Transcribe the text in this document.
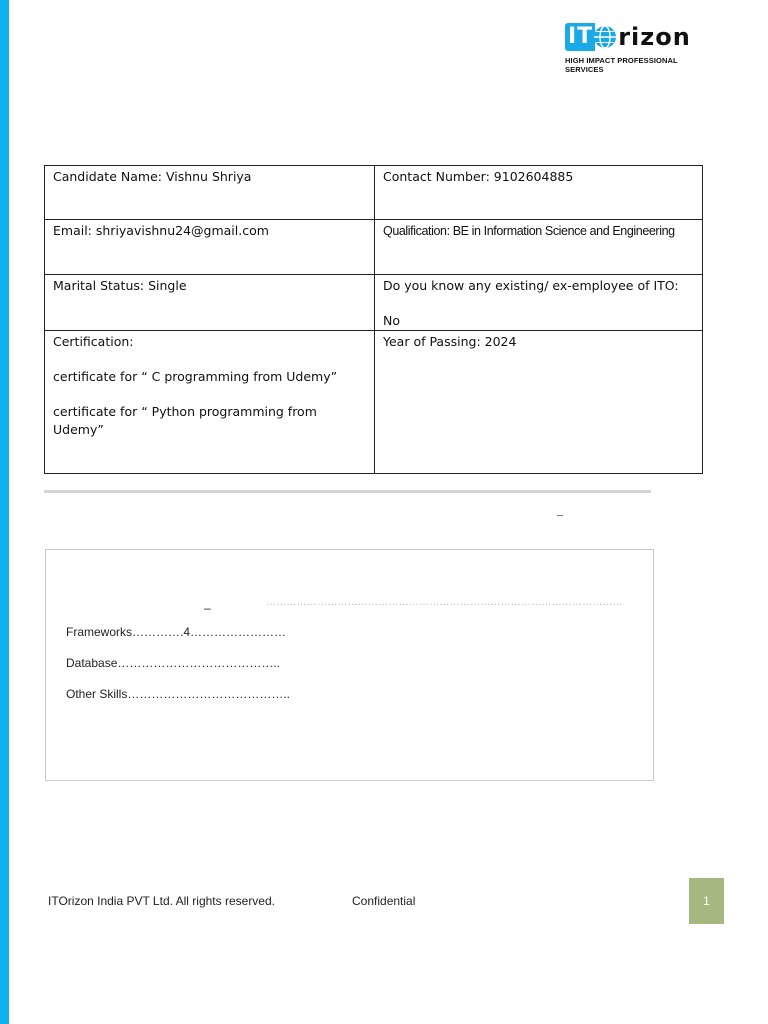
IT rizon
HIGH IMPACT PROFESSIONAL SERVICES
Candidate Name: Vishnu Shriya	Contact Number: 9102604885
Email: shriyavishnu24@gmail.com	Qualification: BE in Information Science and Engineering
Marital Status: Single	Do you know any existing/ ex-employee of ITO:
No

Certification:
certificate for “ C programming from Udemy”
certificate for “ Python programming from Udemy”	Year of Passing: 2024
–	……………………………………………………………………………………………
Frameworks………….4……………………
Database…………………………………..
Other Skills…………………………………..
ITOrizon India PVT Ltd. All rights reserved.	Confidential	1
